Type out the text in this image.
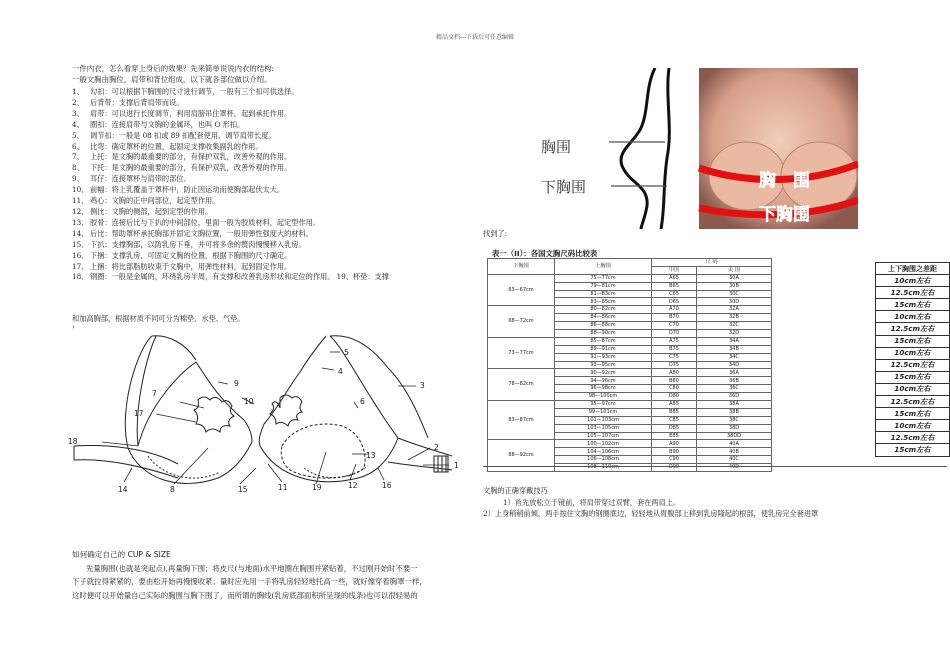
精品文档---下载后可任意编辑
一件内衣，怎么看穿上身后的效果？先来简单说说内衣的结构:
一般文胸由胸位，肩带和背位组成，以下就各部位做以介绍。
1、 勾扣：可以根据下胸围的尺寸进行调节，一般有三个扣可供选择。
2、 后背带：支撑后背肩带而设。
3、 肩带：可以进行长度调节，利用肩膀吊住罩杯，起到承托作用。
4、 圈扣：连接肩带与文胸的金属环，也叫 O 形扣。
5、 调节扣：一般是 08 扣或 89 扣配套使用，调节肩带长度。
6、 比弯：确定罩杯的位置，起固定支撑收集副乳的作用。
7、 上托：是文胸的最重要的部分，有保护双乳，改善外观的作用。
8、 下托：是文胸的最重要的部分，有保护双乳，改善外观的作用。
9、 耳仔：连接罩杯与肩带的部位。
10、 前幅：将上乳覆盖于罩杯中，防止因运动而使胸部起伏太大。
11、 鸡心：文胸的正中间部位，起定型作用。
12、 侧比：文胸的侧部，起到定型的作用。
13、 胶骨：连接后比与下扒的中间部位，里面一般为胶质材料，起定型作用。
14、 后比：帮助罩杯承托胸部并固定文胸位置，一般用弹性强度大的材料。
15、 下扒：支撑胸部，以防乳房下垂，并可将多余的赘肉慢慢移入乳房。
16、 下捆：支撑乳房，可固定文胸的位置，根据下胸围的尺寸确定。
17、 上捆：将比部脂肪收束于文胸中，用弹性材料，起到固定作用。
18、 钢圈：一般是金属的，环绕乳房半周，有支撑和改善乳房形状和定位的作用。 19、杯垫：支撑
和加高胸部，根据材质不同可分为棉垫、水垫、气垫。
›
1
2
3
4
5
6
7
8
9
10
11	12
13
14	15	16
17
18
19
胸围
下胸围	胸　围
下胸围
找到了:
表一（II）：各国文胸尺码比较表
下胸围	上胸围	尺 码	
		中国	美 国
63—67cm	75—77cm	A65	30A
	79—81cm	B65	30B
	81—83cm	C65	30C
	83—85cm	D65	30D
68—72cm	80—82cm	A70	32A
	84—86cm	B70	32B
	86—88cm	C70	32C
	88—90cm	D70	32D
73—77cm	85—87cm	A75	34A
	89—91cm	B75	34B
	91—93cm	C75	34C
	93—95cm	D75	34D
78—82cm	90—92cm	A80	36A
	94—96cm	B80	36B
	96—98cm	C80	36C
	98—100cm	D80	36D
83—87cm	95—97cm	A85	38A
	99—101cm	B85	38B
	101—103cm	C85	38C
	103—105cm	D85	38D
	105—107cm	E85	38DD
88—92cm	100—102cm	A90	40A
	104—106cm	B90	40B
	106—108cm	C90	40C
	108—110cm	D90	40D
上下胸围之差距
10cm左右
12.5cm左右
15cm左右
10cm左右
12.5cm左右
15cm左右
10cm左右
12.5cm左右
15cm左右
10cm左右
12.5cm左右
15cm左右
10cm左右
12.5cm左右
15cm左右
文胸的正确穿戴技巧
1）首先放松立于镜前，将肩带穿过双臂，套在两肩上。
2）上身稍稍前倾，两手按住文胸的钢圈底边，轻轻地从胃腹部上移到乳房隆起的根部，使乳房完全套进罩
如何确定自己的 CUP & SIZE
先量胸围(也就是突起点),再量胸下围；将皮尺(与地面)水平地圈在胸围并紧贴着，不过刚开始时不要一
下子就拉得紧紧的，要由松开始再慢慢收紧；量时应先用一手将乳房轻轻地托高一些，就好像穿着胸罩一样，
这时便可以开始量自己实际的胸围与胸下围了，而所谓的胸线(乳房底部面积所呈现的线条)也可以很轻易的
